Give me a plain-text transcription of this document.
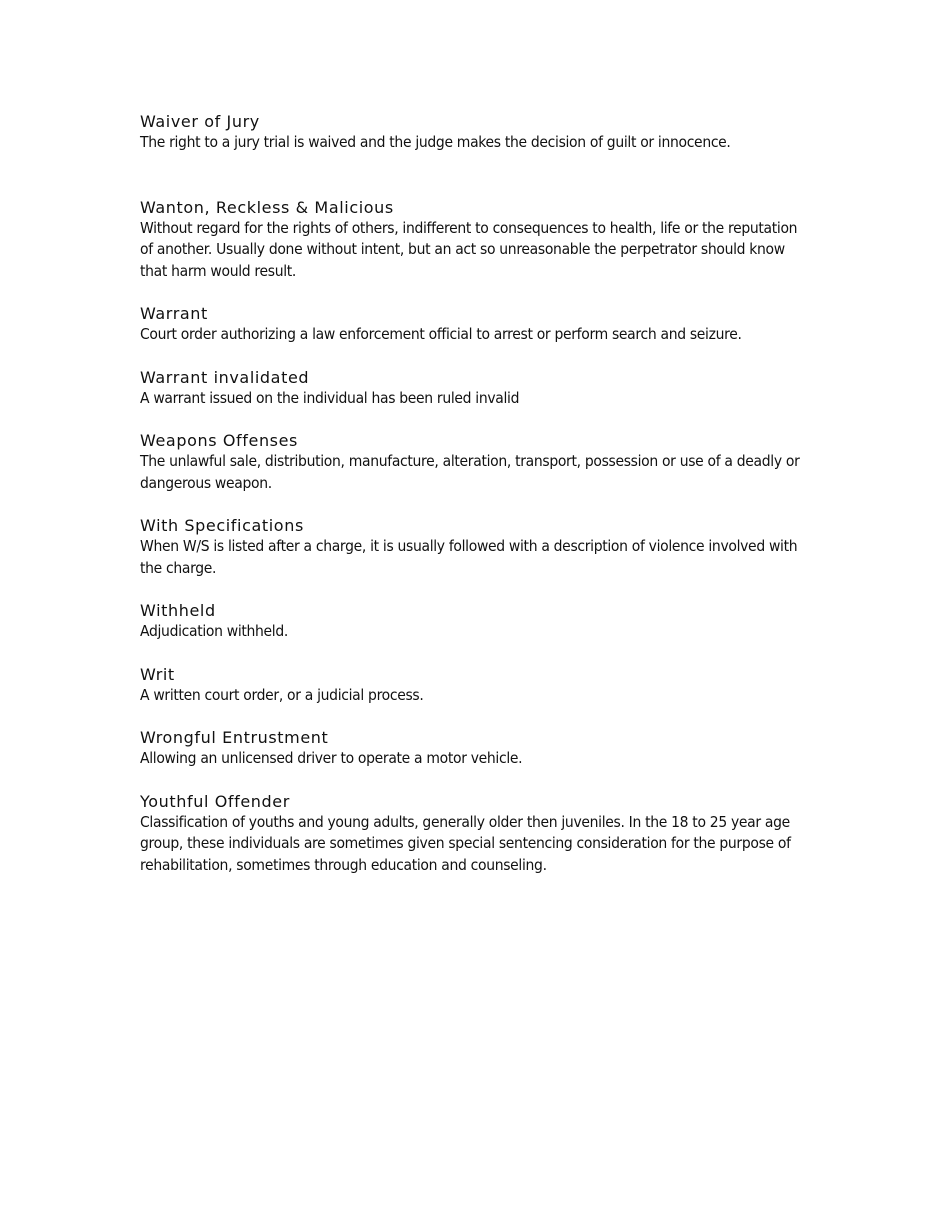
Waiver of Jury
The right to a jury trial is waived and the judge makes the decision of guilt or innocence.
Wanton, Reckless & Malicious
Without regard for the rights of others, indifferent to consequences to health, life or the reputation of another. Usually done without intent, but an act so unreasonable the perpetrator should know that harm would result.
Warrant
Court order authorizing a law enforcement official to arrest or perform search and seizure.
Warrant invalidated
A warrant issued on the individual has been ruled invalid
Weapons Offenses
The unlawful sale, distribution, manufacture, alteration, transport, possession or use of a deadly or dangerous weapon.
With Specifications
When W/S is listed after a charge, it is usually followed with a description of violence involved with the charge.
Withheld
Adjudication withheld.
Writ
A written court order, or a judicial process.
Wrongful Entrustment
Allowing an unlicensed driver to operate a motor vehicle.
Youthful Offender
Classification of youths and young adults, generally older then juveniles. In the 18 to 25 year age group, these individuals are sometimes given special sentencing consideration for the purpose of rehabilitation, sometimes through education and counseling.
